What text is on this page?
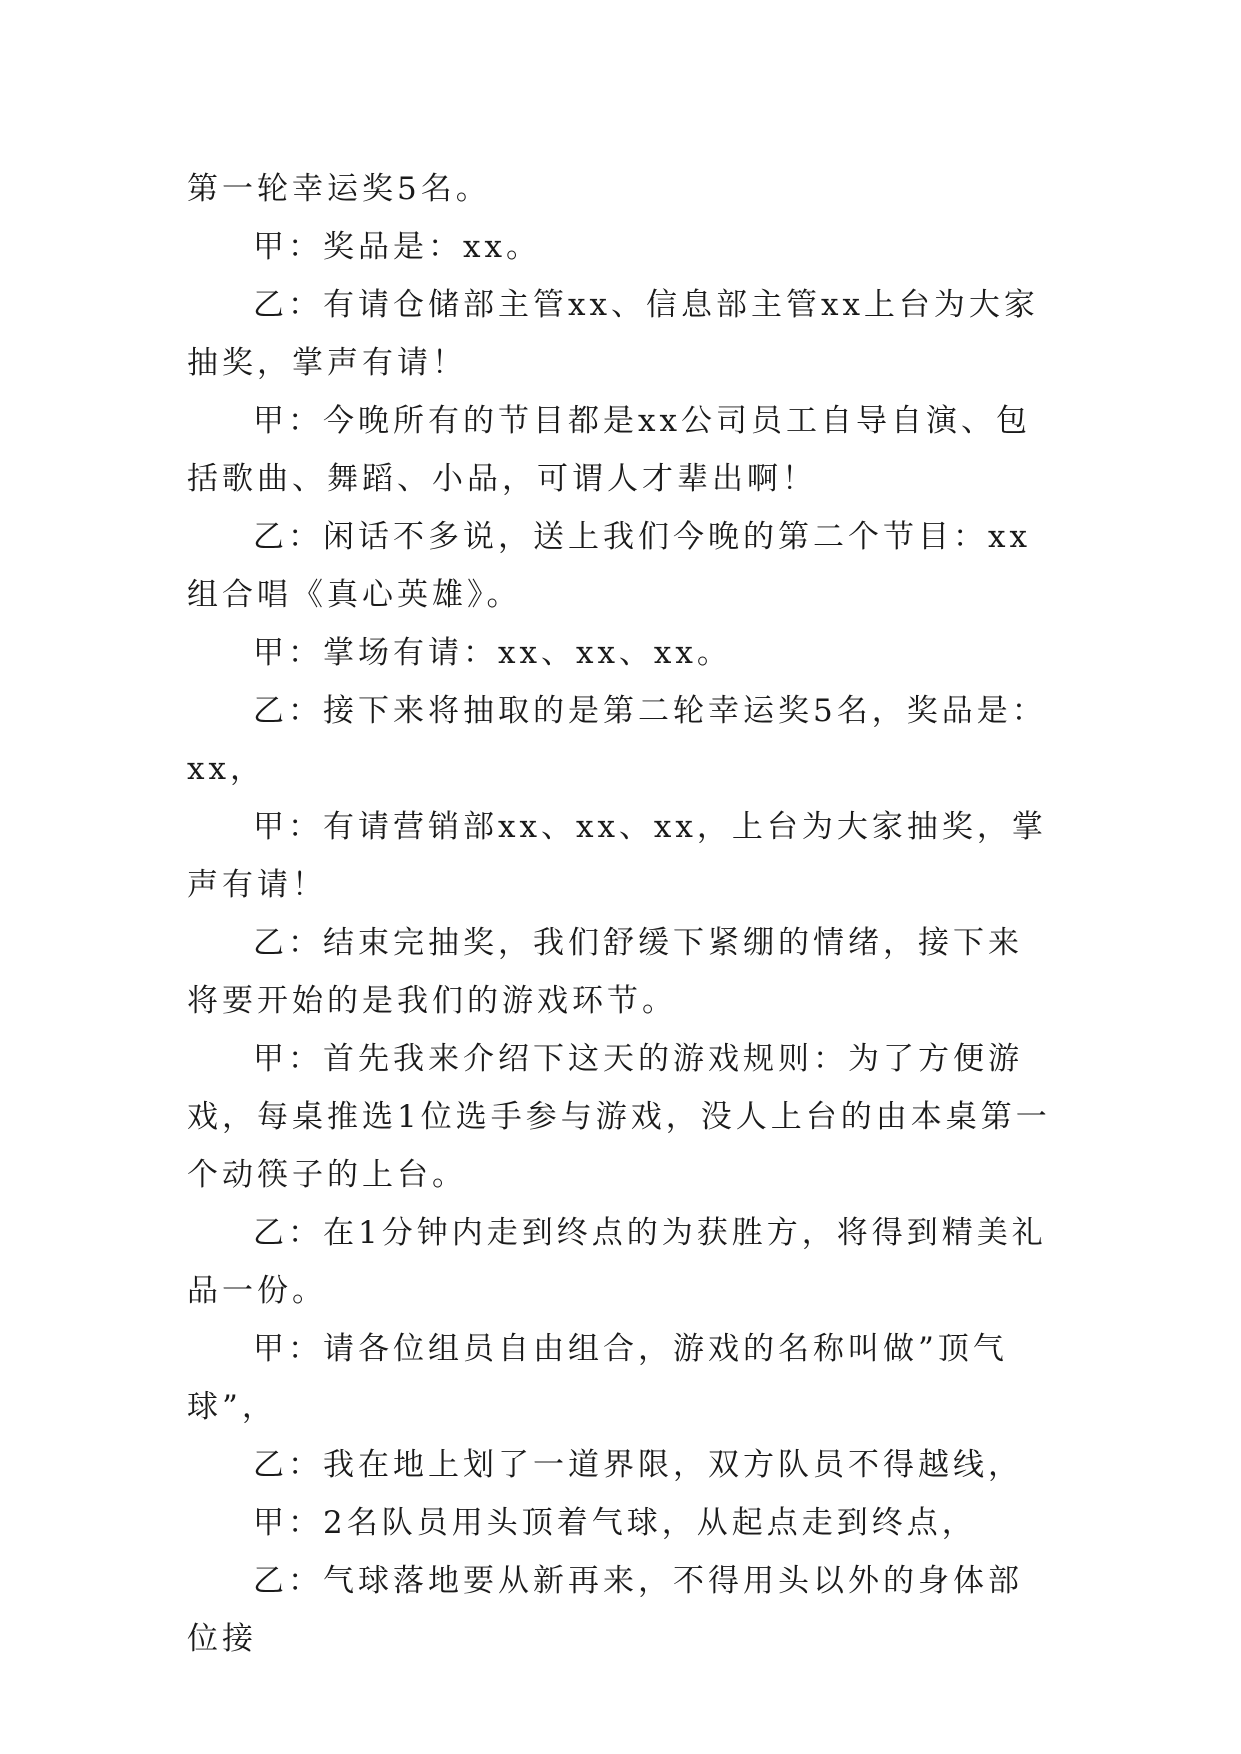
第一轮幸运奖5名。

甲：奖品是：xx。

乙：有请仓储部主管xx、信息部主管xx上台为大家抽奖，掌声有请！

甲：今晚所有的节目都是xx公司员工自导自演、包括歌曲、舞蹈、小品，可谓人才辈出啊！

乙：闲话不多说，送上我们今晚的第二个节目：xx组合唱《真心英雄》。

甲：掌场有请：xx、xx、xx。

乙：接下来将抽取的是第二轮幸运奖5名，奖品是：xx，

甲：有请营销部xx、xx、xx，上台为大家抽奖，掌声有请！

乙：结束完抽奖，我们舒缓下紧绷的情绪，接下来将要开始的是我们的游戏环节。

甲：首先我来介绍下这天的游戏规则：为了方便游戏，每桌推选1位选手参与游戏，没人上台的由本桌第一个动筷子的上台。

乙：在1分钟内走到终点的为获胜方，将得到精美礼品一份。

甲：请各位组员自由组合，游戏的名称叫做”顶气球”，

乙：我在地上划了一道界限，双方队员不得越线，

甲：2名队员用头顶着气球，从起点走到终点，

乙：气球落地要从新再来，不得用头以外的身体部位接
